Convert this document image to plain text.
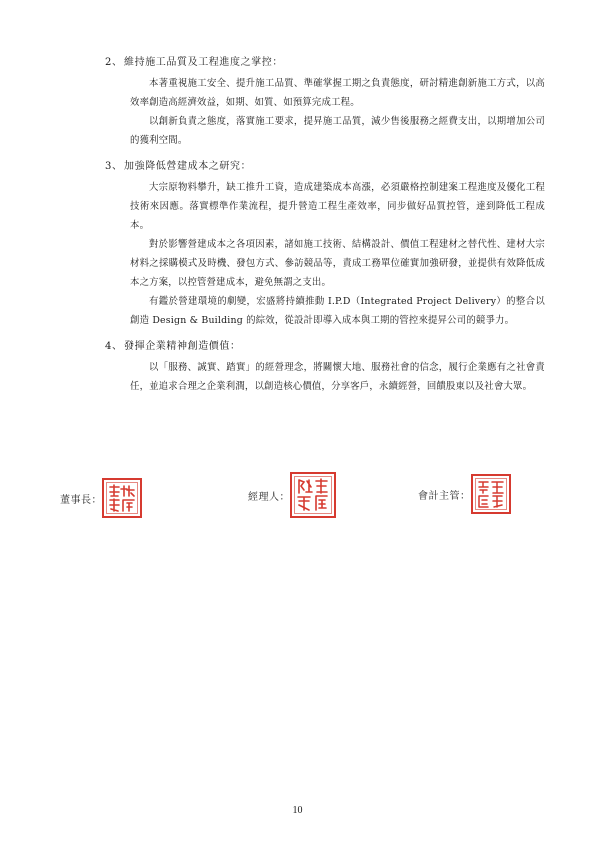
2、維持施工品質及工程進度之掌控：

本著重視施工安全、提升施工品質、準確掌握工期之負責態度，研討精進創新施工方式，以高效率創造高經濟效益，如期、如質、如預算完成工程。

以創新負責之態度，落實施工要求，提昇施工品質，減少售後服務之經費支出，以期增加公司的獲利空間。

3、加強降低營建成本之研究：

大宗原物料攀升，缺工推升工資，造成建築成本高漲，必須嚴格控制建案工程進度及優化工程技術來因應。落實標準作業流程，提升營造工程生產效率，同步做好品質控管，達到降低工程成本。

對於影響營建成本之各項因素，諸如施工技術、結構設計、價值工程建材之替代性、建材大宗材料之採購模式及時機、發包方式、參訪競品等，責成工務單位確實加強研發，並提供有效降低成本之方案，以控管營建成本，避免無謂之支出。

有鑑於營建環境的劇變，宏盛將持續推動 I.P.D（Integrated Project Delivery）的整合以創造 Design & Building 的綜效，從設計即導入成本與工期的管控來提昇公司的競爭力。

4、發揮企業精神創造價值：

以「服務、誠實、踏實」的經營理念，將關懷大地、服務社會的信念，履行企業應有之社會責任，並追求合理之企業利潤，以創造核心價值，分享客戶，永續經營，回饋股東以及社會大眾。

董事長：	經理人：	會計主管：
10
